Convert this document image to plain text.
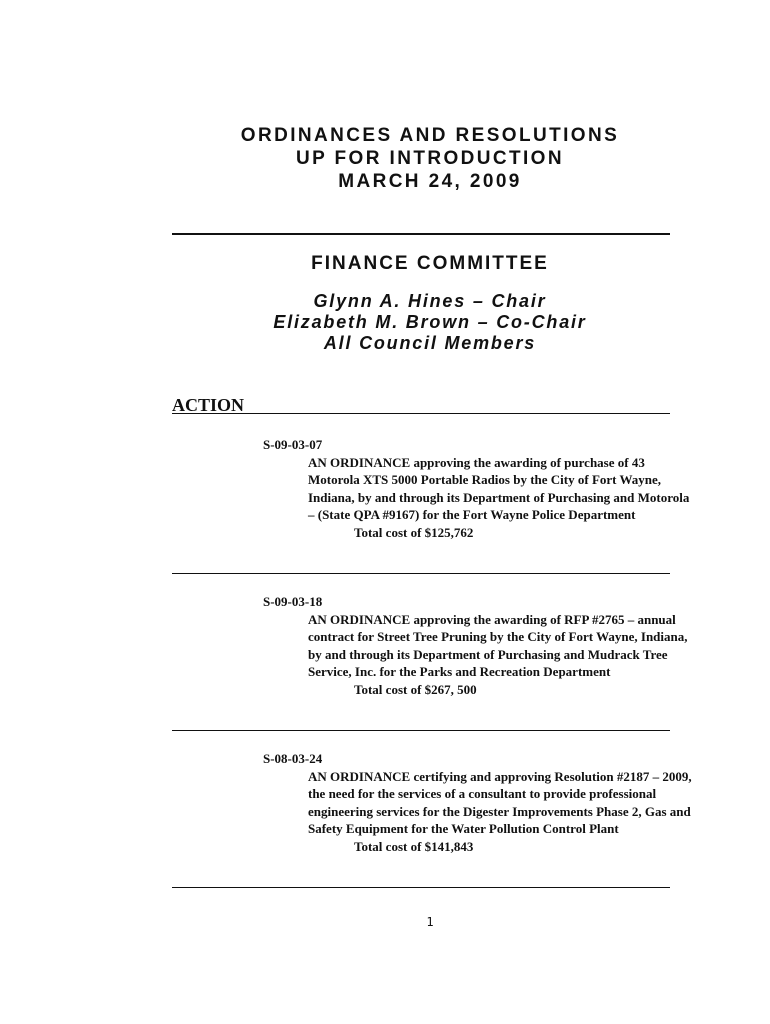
ORDINANCES AND RESOLUTIONS
UP FOR INTRODUCTION
MARCH 24, 2009
FINANCE COMMITTEE
Glynn A. Hines – Chair
Elizabeth M. Brown – Co-Chair
All Council Members
ACTION
S-09-03-07
AN ORDINANCE approving the awarding of purchase of 43 Motorola XTS 5000 Portable Radios by the City of Fort Wayne, Indiana, by and through its Department of Purchasing and Motorola – (State QPA #9167) for the Fort Wayne Police Department
Total cost of $125,762
S-09-03-18
AN ORDINANCE approving the awarding of RFP #2765 – annual contract for Street Tree Pruning by the City of Fort Wayne, Indiana, by and through its Department of Purchasing and Mudrack Tree Service, Inc. for the Parks and Recreation Department
Total cost of $267, 500
S-08-03-24
AN ORDINANCE certifying and approving Resolution #2187 – 2009, the need for the services of a consultant to provide professional engineering services for the Digester Improvements Phase 2, Gas and Safety Equipment for the Water Pollution Control Plant
Total cost of $141,843
1
